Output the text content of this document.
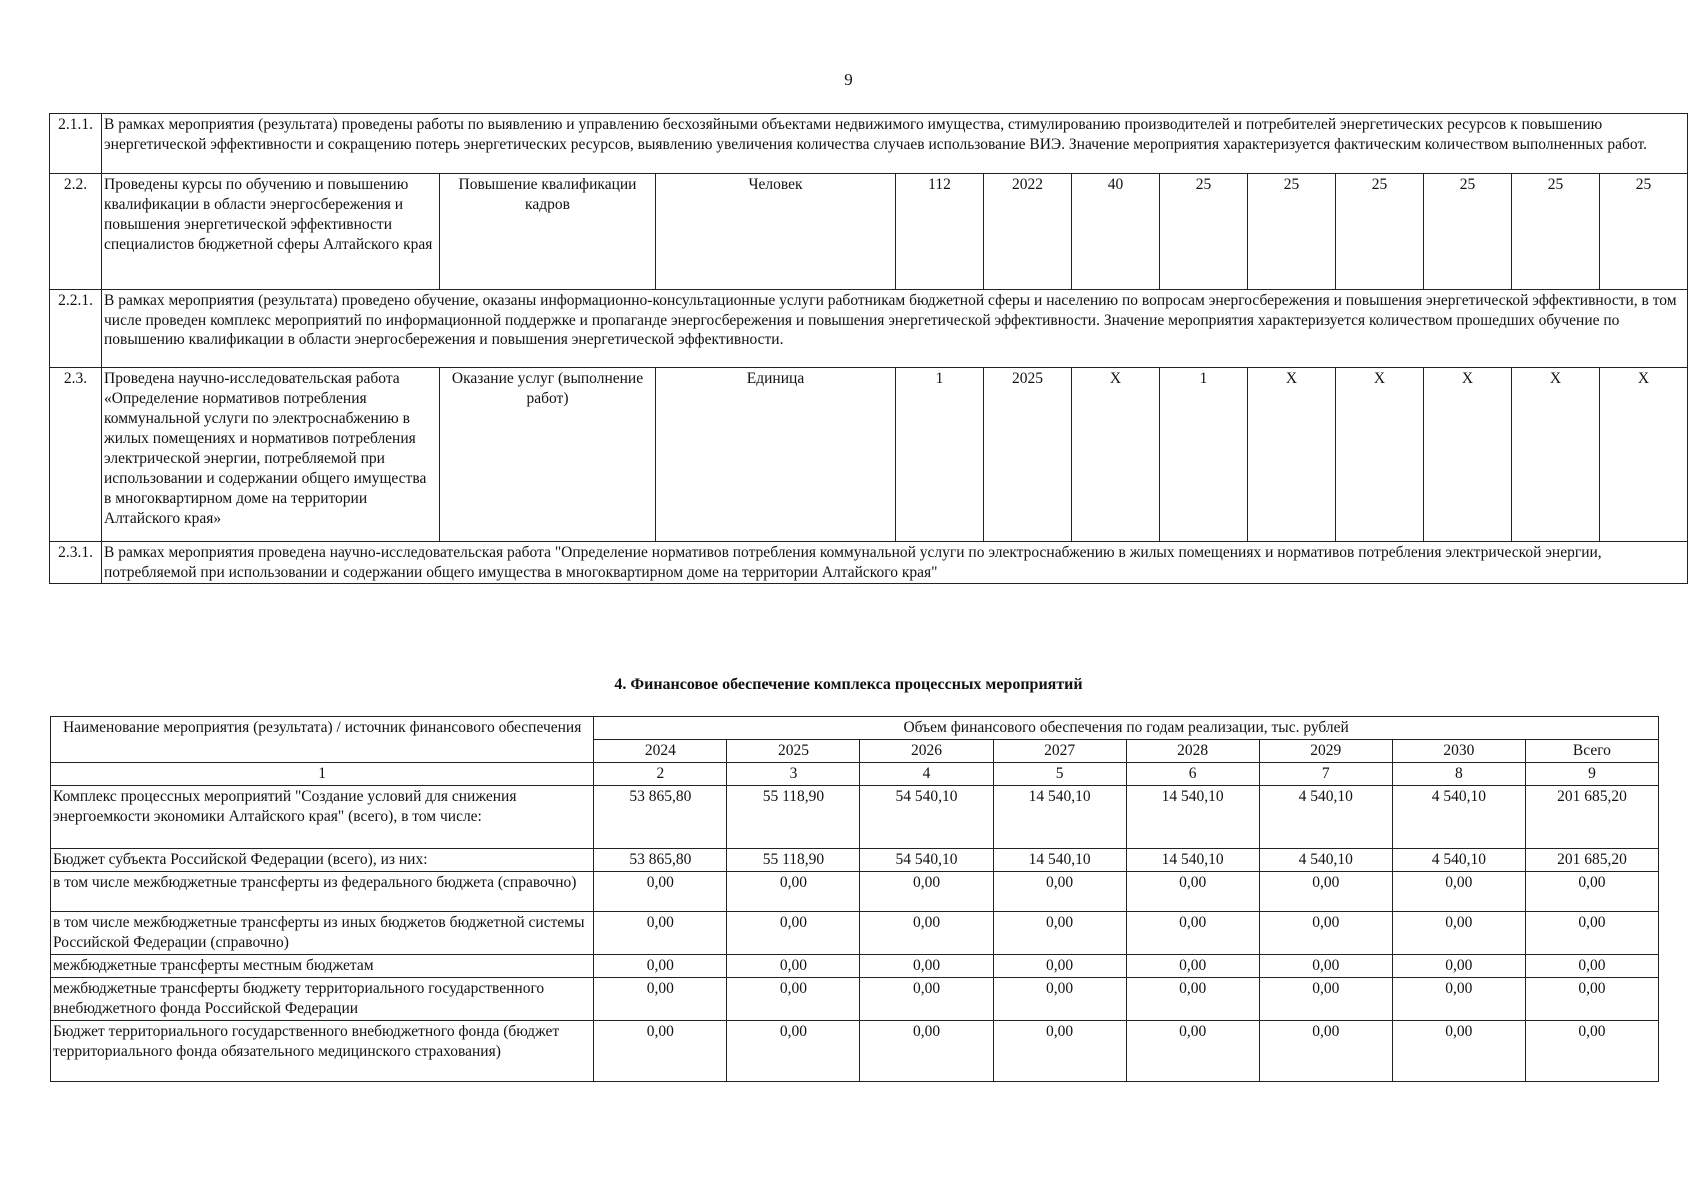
9
2.1.1.	В рамках мероприятия (результата) проведены работы по выявлению и управлению бесхозяйными объектами недвижимого имущества, стимулированию производителей и потребителей энергетических ресурсов к повышению энергетической эффективности и сокращению потерь энергетических ресурсов, выявлению увеличения количества случаев использование ВИЭ. Значение мероприятия характеризуется фактическим количеством выполненных работ.											
2.2.	Проведены курсы по обучению и повышению квалификации в области энергосбережения и повышения энергетической эффективности специалистов бюджетной сферы Алтайского края	Повышение квалификации кадров	Человек	112	2022	40	25	25	25	25	25	25
2.2.1.	В рамках мероприятия (результата) проведено обучение, оказаны информационно-консультационные услуги работникам бюджетной сферы и населению по вопросам энергосбережения и повышения энергетической эффективности, в том числе проведен комплекс мероприятий по информационной поддержке и пропаганде энергосбережения и повышения энергетической эффективности. Значение мероприятия характеризуется количеством прошедших обучение по повышению квалификации в области энергосбережения и повышения энергетической эффективности.											
2.3.	Проведена научно-исследовательская работа «Определение нормативов потребления коммунальной услуги по электроснабжению в жилых помещениях и нормативов потребления электрической энергии, потребляемой при использовании и содержании общего имущества в многоквартирном доме на территории Алтайского края»	Оказание услуг (выполнение работ)	Единица	1	2025	X	1	X	X	X	X	X
2.3.1.	В рамках мероприятия проведена научно-исследовательская работа "Определение нормативов потребления коммунальной услуги по электроснабжению в жилых помещениях и нормативов потребления электрической энергии, потребляемой при использовании и содержании общего имущества в многоквартирном доме на территории Алтайского края"											
4. Финансовое обеспечение комплекса процессных мероприятий
Наименование мероприятия (результата) / источник финансового обеспечения	Объем финансового обеспечения по годам реализации, тыс. рублей							
	2024	2025	2026	2027	2028	2029	2030	Всего
1	2	3	4	5	6	7	8	9
Комплекс процессных мероприятий "Создание условий для снижения энергоемкости экономики Алтайского края" (всего), в том числе:	53 865,80	55 118,90	54 540,10	14 540,10	14 540,10	4 540,10	4 540,10	201 685,20
Бюджет субъекта Российской Федерации (всего), из них:	53 865,80	55 118,90	54 540,10	14 540,10	14 540,10	4 540,10	4 540,10	201 685,20
в том числе межбюджетные трансферты из федерального бюджета (справочно)	0,00	0,00	0,00	0,00	0,00	0,00	0,00	0,00
в том числе межбюджетные трансферты из иных бюджетов бюджетной системы Российской Федерации (справочно)	0,00	0,00	0,00	0,00	0,00	0,00	0,00	0,00
межбюджетные трансферты местным бюджетам	0,00	0,00	0,00	0,00	0,00	0,00	0,00	0,00
межбюджетные трансферты бюджету территориального государственного внебюджетного фонда Российской Федерации	0,00	0,00	0,00	0,00	0,00	0,00	0,00	0,00
Бюджет территориального государственного внебюджетного фонда (бюджет территориального фонда обязательного медицинского страхования)	0,00	0,00	0,00	0,00	0,00	0,00	0,00	0,00
